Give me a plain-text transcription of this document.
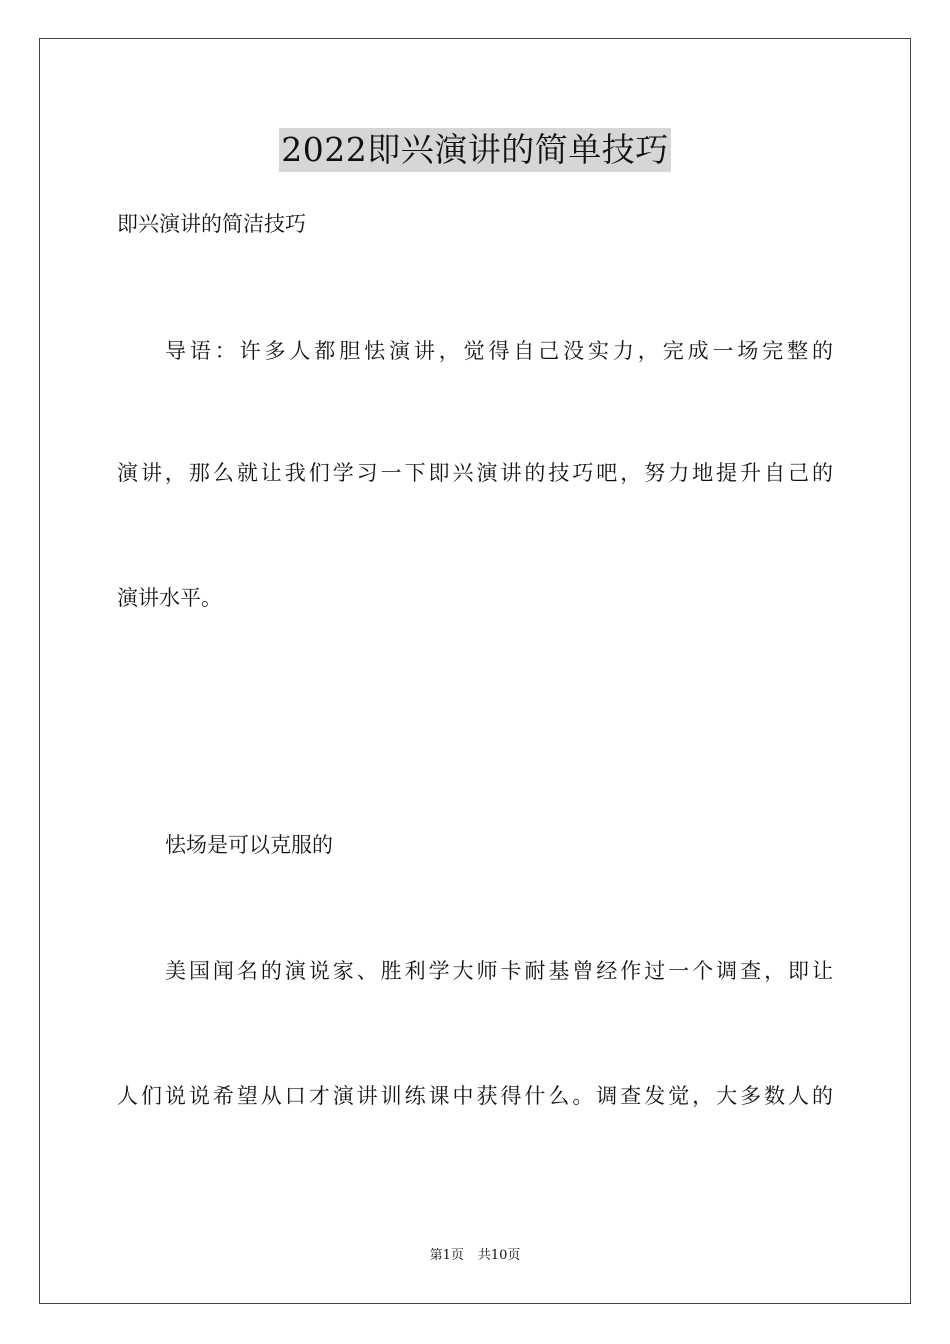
2022即兴演讲的简单技巧
即兴演讲的简洁技巧
导语：许多人都胆怯演讲，觉得自己没实力，完成一场完整的
演讲，那么就让我们学习一下即兴演讲的技巧吧，努力地提升自己的
演讲水平。
怯场是可以克服的
美国闻名的演说家、胜利学大师卡耐基曾经作过一个调查，即让
人们说说希望从口才演讲训练课中获得什么。调查发觉，大多数人的
第1页 共10页
